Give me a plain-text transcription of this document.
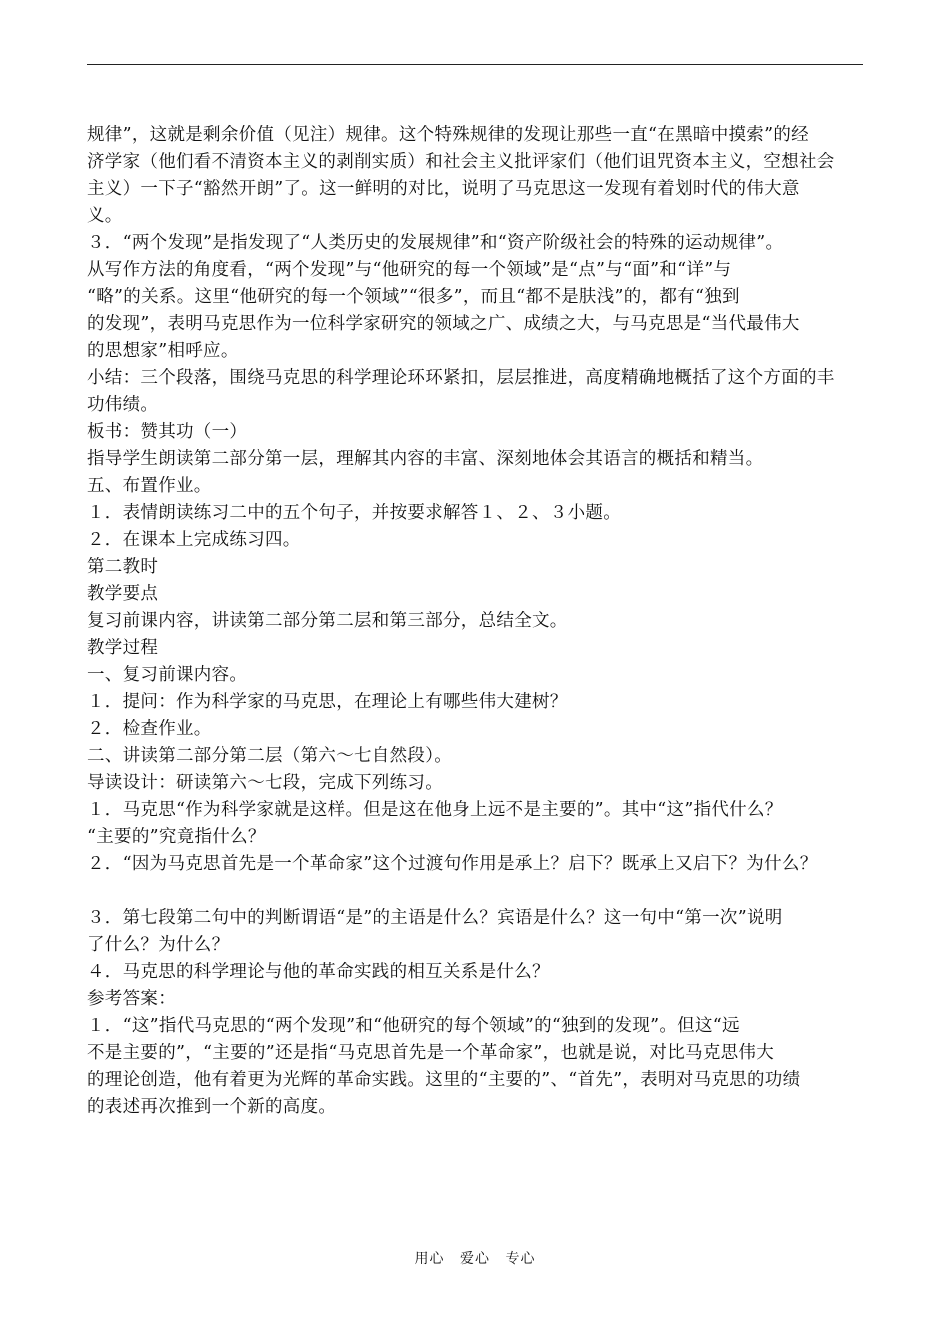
规律”，这就是剩余价值（见注）规律。这个特殊规律的发现让那些一直“在黑暗中摸索”的经
济学家（他们看不清资本主义的剥削实质）和社会主义批评家们（他们诅咒资本主义，空想社会
主义）一下子“豁然开朗”了。这一鲜明的对比，说明了马克思这一发现有着划时代的伟大意
义。
３．“两个发现”是指发现了“人类历史的发展规律”和“资产阶级社会的特殊的运动规律”。
从写作方法的角度看，“两个发现”与“他研究的每一个领域”是“点”与“面”和“详”与
“略”的关系。这里“他研究的每一个领域”“很多”，而且“都不是肤浅”的，都有“独到
的发现”，表明马克思作为一位科学家研究的领域之广、成绩之大，与马克思是“当代最伟大
的思想家”相呼应。
小结：三个段落，围绕马克思的科学理论环环紧扣，层层推进，高度精确地概括了这个方面的丰
功伟绩。
板书：赞其功（一）
指导学生朗读第二部分第一层，理解其内容的丰富、深刻地体会其语言的概括和精当。
五、布置作业。
１．表情朗读练习二中的五个句子，并按要求解答１、２、３小题。
２．在课本上完成练习四。
第二教时
教学要点
复习前课内容，讲读第二部分第二层和第三部分，总结全文。
教学过程
一、复习前课内容。
１．提问：作为科学家的马克思，在理论上有哪些伟大建树？
２．检查作业。
二、讲读第二部分第二层（第六～七自然段）。
导读设计：研读第六～七段，完成下列练习。
１．马克思“作为科学家就是这样。但是这在他身上远不是主要的”。其中“这”指代什么？
“主要的”究竟指什么？
２．“因为马克思首先是一个革命家”这个过渡句作用是承上？启下？既承上又启下？为什么？
３．第七段第二句中的判断谓语“是”的主语是什么？宾语是什么？这一句中“第一次”说明
了什么？为什么？
４．马克思的科学理论与他的革命实践的相互关系是什么？
参考答案：
１．“这”指代马克思的“两个发现”和“他研究的每个领域”的“独到的发现”。但这“远
不是主要的”，“主要的”还是指“马克思首先是一个革命家”，也就是说，对比马克思伟大
的理论创造，他有着更为光辉的革命实践。这里的“主要的”、“首先”，表明对马克思的功绩
的表述再次推到一个新的高度。
用心 爱心 专心
